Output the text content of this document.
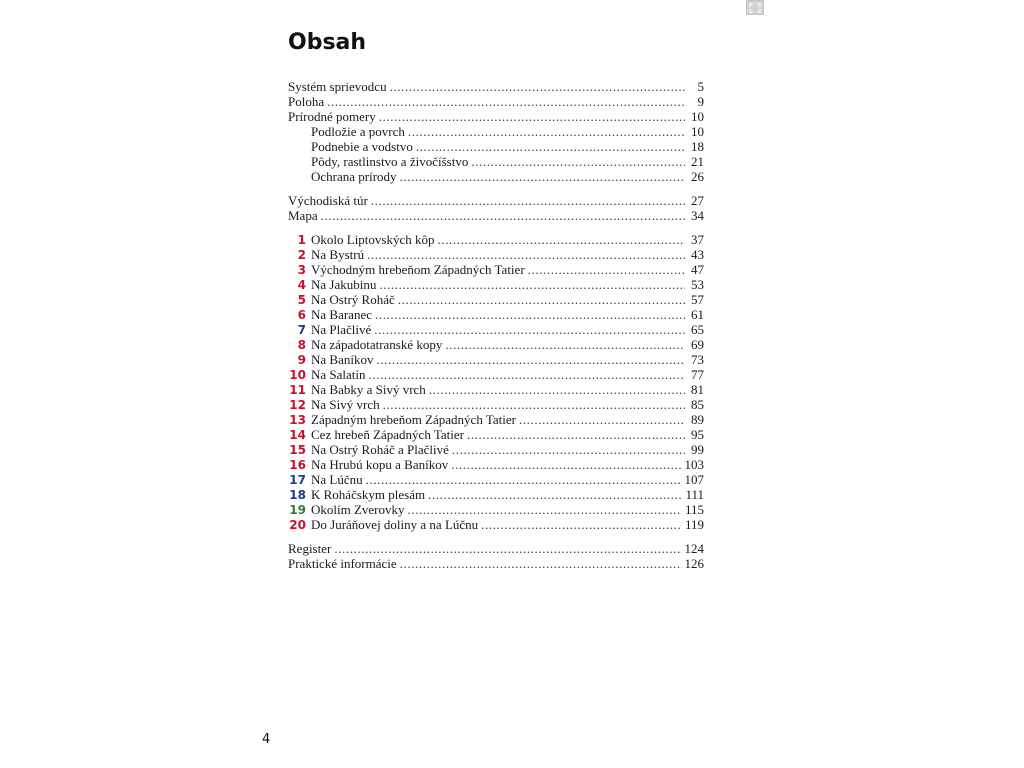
Obsah
Systém sprievodcu .....	5
Poloha .....	9
Prírodné pomery .....	10
Podložie a povrch .....	10
Podnebie a vodstvo .....	18
Pôdy, rastlinstvo a živočíšstvo .....	21
Ochrana prírody .....	26
Východiská túr .....	27
Mapa .....	34
1 Okolo Liptovských kôp .....	37
2 Na Bystrú .....	43
3 Východným hrebeňom Západných Tatier .....	47
4 Na Jakubinu .....	53
5 Na Ostrý Roháč .....	57
6 Na Baranec .....	61
7 Na Plačlivé .....	65
8 Na západotatranské kopy .....	69
9 Na Baníkov .....	73
10 Na Salatín .....	77
11 Na Babky a Sivý vrch .....	81
12 Na Sivý vrch .....	85
13 Západným hrebeňom Západných Tatier .....	89
14 Cez hrebeň Západných Tatier .....	95
15 Na Ostrý Roháč a Plačlivé .....	99
16 Na Hrubú kopu a Baníkov .....	103
17 Na Lúčnu .....	107
18 K Roháčskym plesám .....	111
19 Okolím Zverovky .....	115
20 Do Juráňovej doliny a na Lúčnu .....	119
Register .....	124
Praktické informácie .....	126
4
